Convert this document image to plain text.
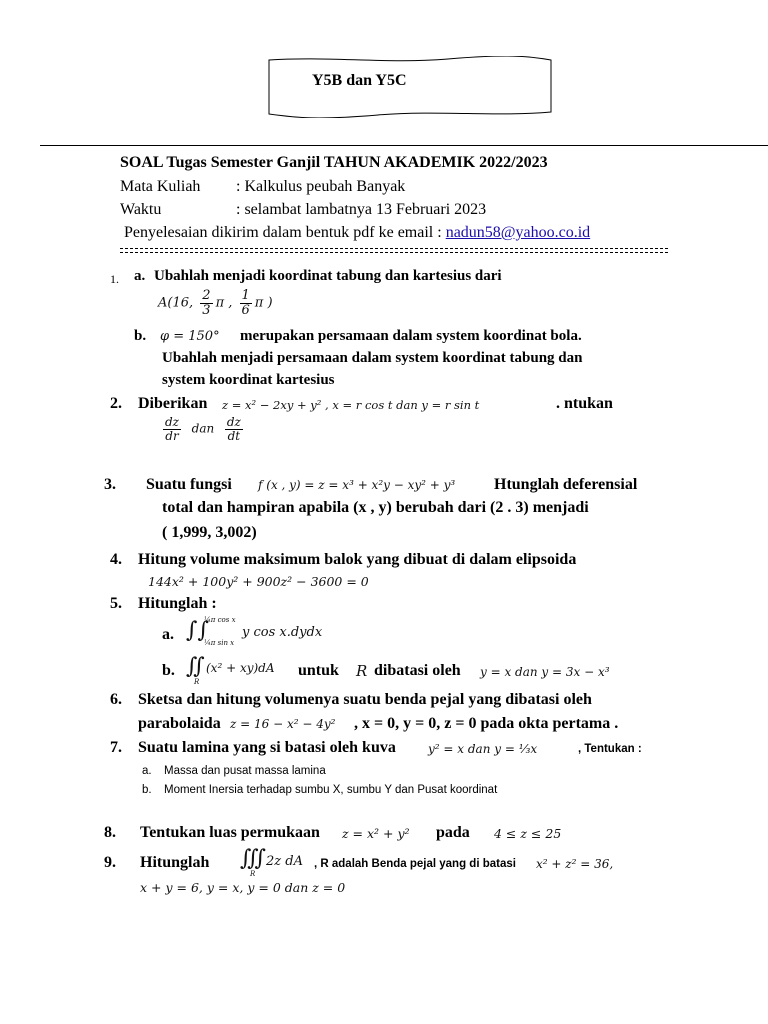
Y5B dan Y5C
SOAL Tugas Semester Ganjil TAHUN AKADEMIK 2022/2023
Mata Kuliah : Kalkulus peubah Banyak
Waktu	: selambat lambatnya 13 Februari 2023
Penyelesaian dikirim dalam bentuk pdf ke email : nadun58@yahoo.co.id
1. a. Ubahlah menjadi koordinat tabung dan kartesius dari
A(16, $\frac{2}{3}$ π , $\frac{1}{6}$ π )
b. φ = 150° merupakan persamaan dalam system koordinat bola.
Ubahlah menjadi persamaan dalam system koordinat tabung dan
system koordinat kartesius
2. Diberikan z = x² − 2xy + y² , x = r cos t dan y = r sin t	. ntukan
$\frac{dz}{dr}$ dan $\frac{dz}{dt}$
3. Suatu fungsi f (x , y) = z = x³ + x²y − xy² + y³ Htunglah deferensial
total dan hampiran apabila (x , y) berubah dari (2 . 3) menjadi
( 1,999, 3,002)
4. Hitung volume maksimum balok yang dibuat di dalam elipsoida
144x² + 100y² + 900z² − 3600 = 0
5. Hitunglah :
a. ∫∫
¼π cos x
¼π sin x
y cos x.dydx
b. ∬
R
(x² + xy)dA untuk R dibatasi oleh y = x dan y = 3x − x³
6. Sketsa dan hitung volumenya suatu benda pejal yang dibatasi oleh
parabolaida z = 16 − x² − 4y² , x = 0, y = 0, z = 0 pada okta pertama .
7. Suatu lamina yang si batasi oleh kuva	y² = x dan y = ⅓x	, Tentukan :
a. Massa dan pusat massa lamina
b. Moment Inersia terhadap sumbu X, sumbu Y dan Pusat koordinat
8. Tentukan luas permukaan z = x² + y² pada 4 ≤ z ≤ 25
9. Hitunglah ∭
R
2z dA , R adalah Benda pejal yang di batasi x² + z² = 36,
x + y = 6, y = x, y = 0 dan z = 0
